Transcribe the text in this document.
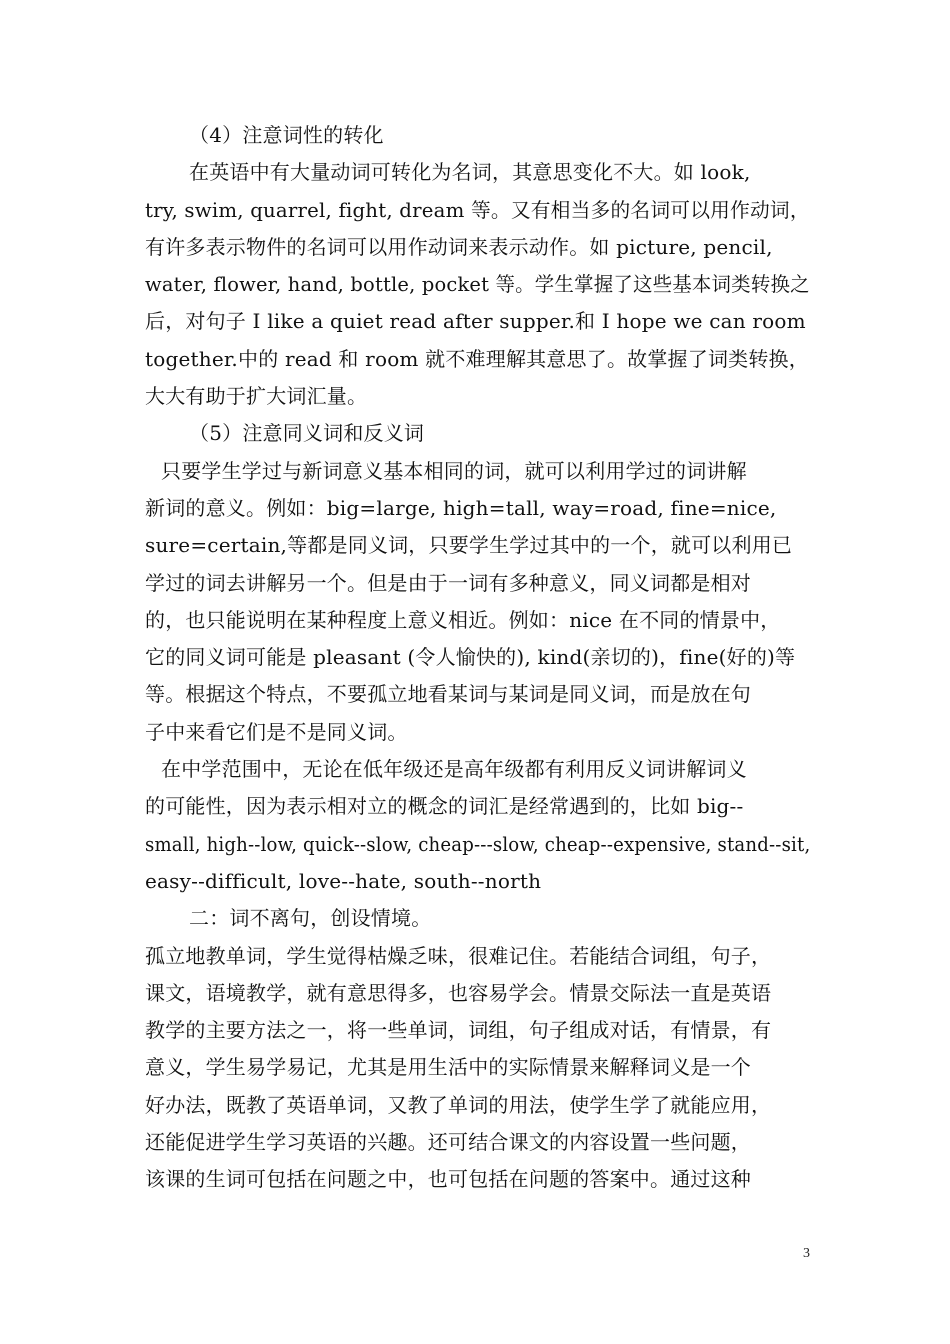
（4）注意词性的转化
在英语中有大量动词可转化为名词，其意思变化不大。如 look,
try, swim, quarrel, fight, dream 等。又有相当多的名词可以用作动词，
有许多表示物件的名词可以用作动词来表示动作。如 picture, pencil,
water, flower, hand, bottle, pocket 等。学生掌握了这些基本词类转换之
后，对句子 I like a quiet read after supper.和 I hope we can room
together.中的 read 和 room 就不难理解其意思了。故掌握了词类转换，
大大有助于扩大词汇量。
（5）注意同义词和反义词
只要学生学过与新词意义基本相同的词，就可以利用学过的词讲解
新词的意义。例如：big=large, high=tall, way=road, fine=nice,
sure=certain,等都是同义词，只要学生学过其中的一个，就可以利用已
学过的词去讲解另一个。但是由于一词有多种意义，同义词都是相对
的，也只能说明在某种程度上意义相近。例如：nice 在不同的情景中，
它的同义词可能是 pleasant (令人愉快的), kind(亲切的)，fine(好的)等
等。根据这个特点，不要孤立地看某词与某词是同义词，而是放在句
子中来看它们是不是同义词。
在中学范围中，无论在低年级还是高年级都有利用反义词讲解词义
的可能性，因为表示相对立的概念的词汇是经常遇到的，比如 big--
small, high--low, quick--slow, cheap---slow, cheap--expensive, stand--sit,
easy--difficult, love--hate, south--north
二：词不离句，创设情境。
孤立地教单词，学生觉得枯燥乏味，很难记住。若能结合词组，句子，
课文，语境教学，就有意思得多，也容易学会。情景交际法一直是英语
教学的主要方法之一，将一些单词，词组，句子组成对话，有情景，有
意义，学生易学易记，尤其是用生活中的实际情景来解释词义是一个
好办法，既教了英语单词，又教了单词的用法，使学生学了就能应用，
还能促进学生学习英语的兴趣。还可结合课文的内容设置一些问题，
该课的生词可包括在问题之中，也可包括在问题的答案中。通过这种
3
